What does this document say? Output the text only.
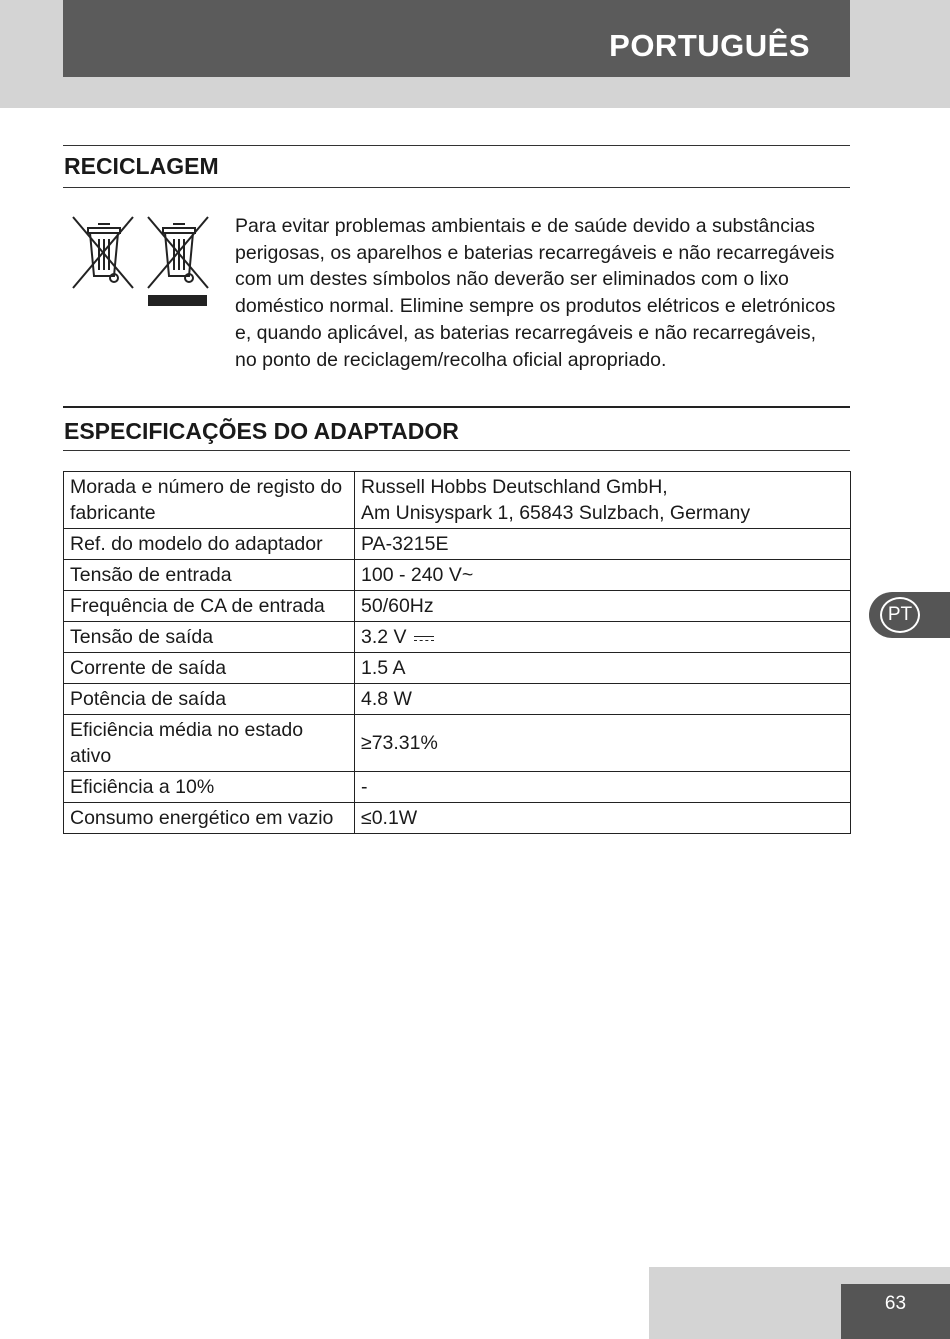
PORTUGUÊS
RECICLAGEM
Para evitar problemas ambientais e de saúde devido a substâncias perigosas, os aparelhos e baterias recarregáveis e não recarregáveis com um destes símbolos não deverão ser eliminados com o lixo doméstico normal. Elimine sempre os produtos elétricos e eletrónicos e, quando aplicável, as baterias recarregáveis e não recarregáveis, no ponto de reciclagem/recolha oficial apropriado.
ESPECIFICAÇÕES DO ADAPTADOR
Morada e número de registo do fabricante	Russell Hobbs Deutschland GmbH,
Am Unisyspark 1, 65843 Sulzbach, Germany
Ref. do modelo do adaptador	PA-3215E
Tensão de entrada	100 - 240 V~
Frequência de CA de entrada	50/60Hz
Tensão de saída	3.2 V
Corrente de saída	1.5 A
Potência de saída	4.8 W
Eficiência média no estado ativo	≥73.31%
Eficiência a 10%	-
Consumo energético em vazio	≤0.1W
PT
63
